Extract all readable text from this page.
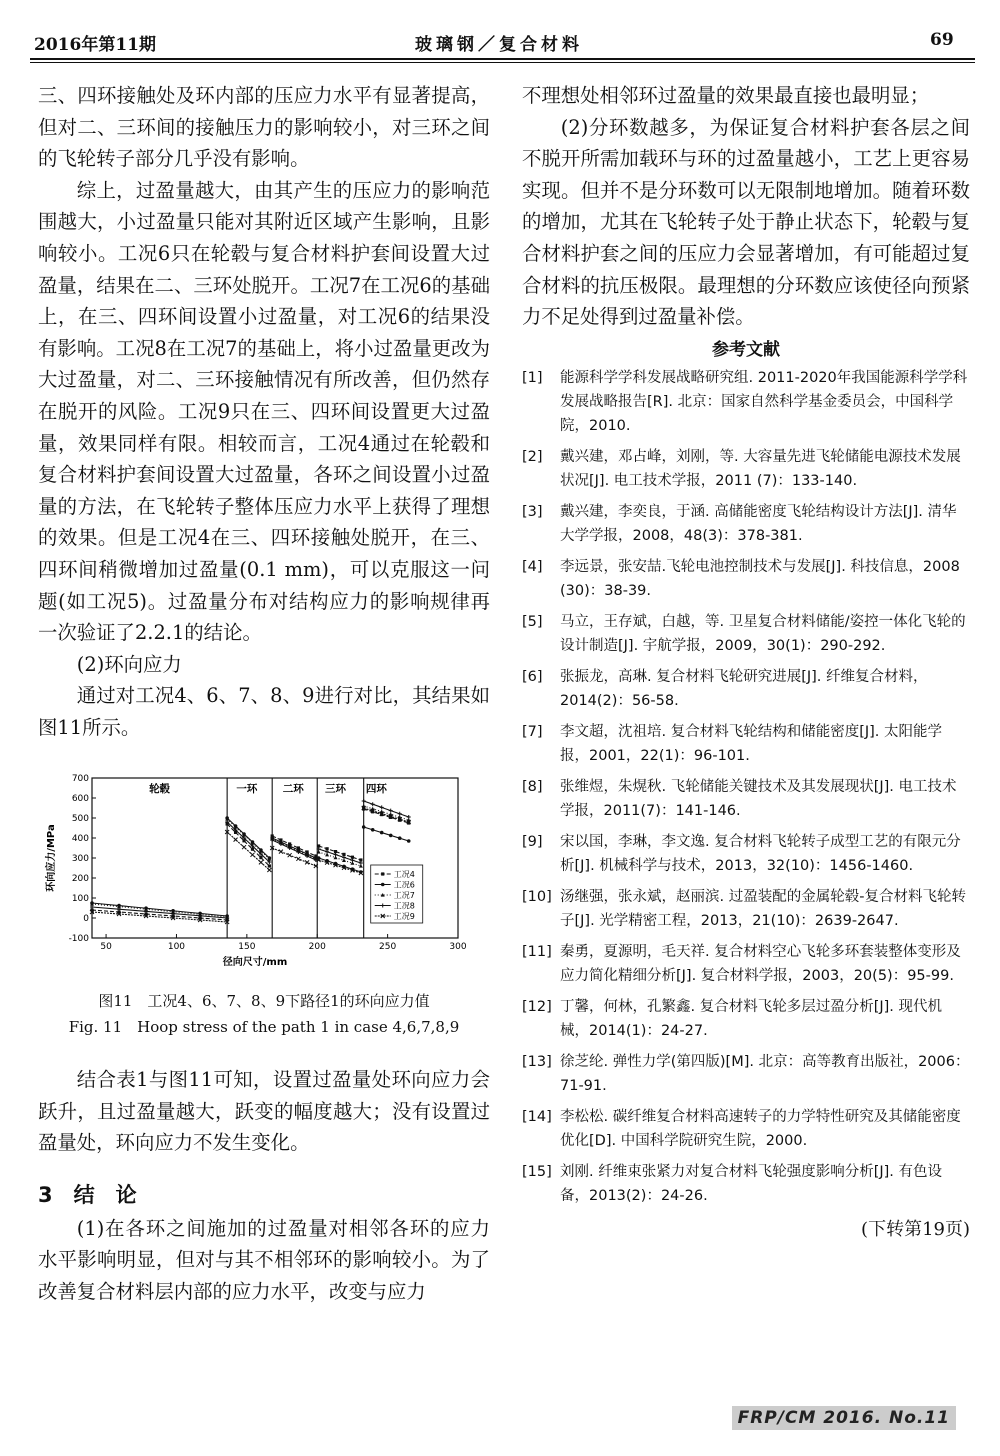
2016年第11期	玻璃钢／复合材料	69

三、四环接触处及环内部的压应力水平有显著提高，但对二、三环间的接触压力的影响较小，对三环之间的飞轮转子部分几乎没有影响。

综上，过盈量越大，由其产生的压应力的影响范围越大，小过盈量只能对其附近区域产生影响，且影响较小。工况6只在轮毂与复合材料护套间设置大过盈量，结果在二、三环处脱开。工况7在工况6的基础上，在三、四环间设置小过盈量，对工况6的结果没有影响。工况8在工况7的基础上，将小过盈量更改为大过盈量，对二、三环接触情况有所改善，但仍然存在脱开的风险。工况9只在三、四环间设置更大过盈量，效果同样有限。相较而言，工况4通过在轮毂和复合材料护套间设置大过盈量，各环之间设置小过盈量的方法，在飞轮转子整体压应力水平上获得了理想的效果。但是工况4在三、四环接触处脱开，在三、四环间稍微增加过盈量(0.1 mm)，可以克服这一问题(如工况5)。过盈量分布对结构应力的影响规律再一次验证了2.2.1的结论。

(2)环向应力

通过对工况4、6、7、8、9进行对比，其结果如图11所示。

轮毂	一环 二环 三环 四环
50	100	150	200	250	300
-100
0
100
200
300
400
500
600
700
径向尺寸/mm
环向应力/MPa	工况4
工况6
工况7
工况8
工况9
图11　工况4、6、7、8、9下路径1的环向应力值
Fig. 11　Hoop stress of the path 1 in case 4,6,7,8,9

结合表1与图11可知，设置过盈量处环向应力会跃升，且过盈量越大，跃变的幅度越大；没有设置过盈量处，环向应力不发生变化。

3　结　论

(1)在各环之间施加的过盈量对相邻各环的应力水平影响明显，但对与其不相邻环的影响较小。为了改善复合材料层内部的应力水平，改变与应力

不理想处相邻环过盈量的效果最直接也最明显；

(2)分环数越多，为保证复合材料护套各层之间不脱开所需加载环与环的过盈量越小，工艺上更容易实现。但并不是分环数可以无限制地增加。随着环数的增加，尤其在飞轮转子处于静止状态下，轮毂与复合材料护套之间的压应力会显著增加，有可能超过复合材料的抗压极限。最理想的分环数应该使径向预紧力不足处得到过盈量补偿。

参考文献
[1]	能源科学学科发展战略研究组. 2011-2020年我国能源科学学科发展战略报告[R]. 北京：国家自然科学基金委员会，中国科学院，2010.
[2]	戴兴建，邓占峰，刘刚，等. 大容量先进飞轮储能电源技术发展状况[J]. 电工技术学报，2011 (7)：133-140.
[3]	戴兴建，李奕良，于涵. 高储能密度飞轮结构设计方法[J]. 清华大学学报，2008，48(3)：378-381.
[4]	李远景，张安喆.飞轮电池控制技术与发展[J]. 科技信息，2008 (30)：38-39.
[5]	马立，王存斌，白越，等. 卫星复合材料储能/姿控一体化飞轮的设计制造[J]. 宇航学报，2009，30(1)：290-292.
[6]	张振龙，高琳. 复合材料飞轮研究进展[J]. 纤维复合材料，2014(2)：56-58.
[7]	李文超，沈祖培. 复合材料飞轮结构和储能密度[J]. 太阳能学报，2001，22(1)：96-101.
[8]	张维煜，朱熀秋. 飞轮储能关键技术及其发展现状[J]. 电工技术学报，2011(7)：141-146.
[9]	宋以国，李琳，李文逸. 复合材料飞轮转子成型工艺的有限元分析[J]. 机械科学与技术，2013，32(10)：1456-1460.
[10] 汤继强，张永斌，赵丽滨. 过盈装配的金属轮毂-复合材料飞轮转子[J]. 光学精密工程，2013，21(10)：2639-2647.
[11] 秦勇，夏源明，毛天祥. 复合材料空心飞轮多环套装整体变形及应力简化精细分析[J]. 复合材料学报，2003，20(5)：95-99.
[12] 丁馨，何林，孔繁鑫. 复合材料飞轮多层过盈分析[J]. 现代机械，2014(1)：24-27.
[13] 徐芝纶. 弹性力学(第四版)[M]. 北京：高等教育出版社，2006：71-91.
[14] 李松松. 碳纤维复合材料高速转子的力学特性研究及其储能密度优化[D]. 中国科学院研究生院，2000.
[15] 刘刚. 纤维束张紧力对复合材料飞轮强度影响分析[J]. 有色设备，2013(2)：24-26.
(下转第19页)
FRP/CM 2016. No.11
